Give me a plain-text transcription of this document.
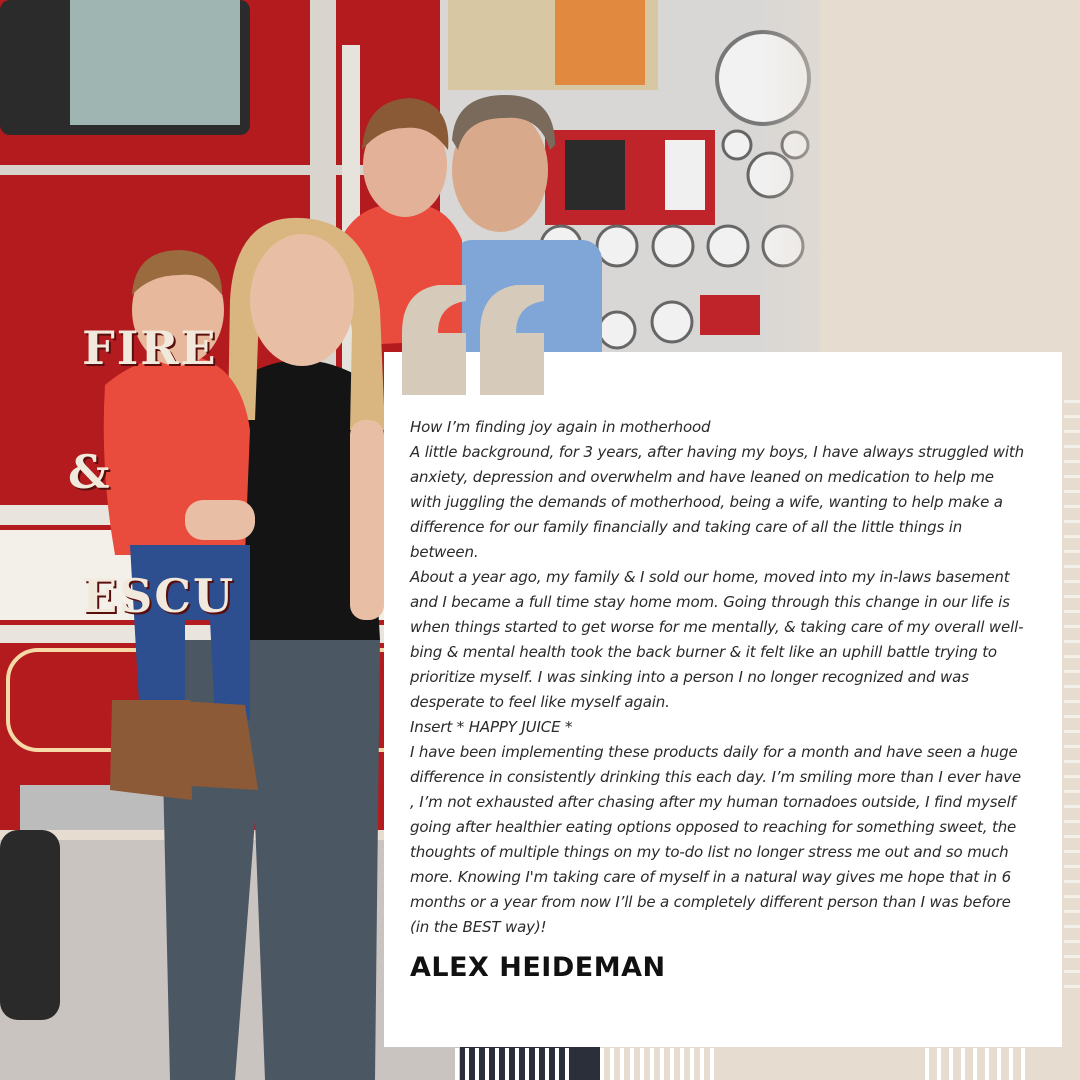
FIRE

&

ESCU

How I’m finding joy again in motherhood

A little background, for 3 years, after having my boys, I have always struggled with anxiety, depression and overwhelm and have leaned on medication to help me with juggling the demands of motherhood, being a wife, wanting to help make a difference for our family financially and taking care of all the little things in between.

About a year ago, my family & I sold our home, moved into my in-laws basement and I became a full time stay home mom. Going through this change in our life is when things started to get worse for me mentally, & taking care of my overall well-bing & mental health took the back burner & it felt like an uphill battle trying to prioritize myself. I was sinking into a person I no longer recognized and was desperate to feel like myself again.

Insert * HAPPY JUICE *

I have been implementing these products daily for a month and have seen a huge difference in consistently drinking this each day. I’m smiling more than I ever have , I’m not exhausted after chasing after my human tornadoes outside, I find myself going after healthier eating options opposed to reaching for something sweet, the thoughts of multiple things on my to-do list no longer stress me out and so much more. Knowing I'm taking care of myself in a natural way gives me hope that in 6 months or a year from now I’ll be a completely different person than I was before (in the BEST way)!

ALEX HEIDEMAN
